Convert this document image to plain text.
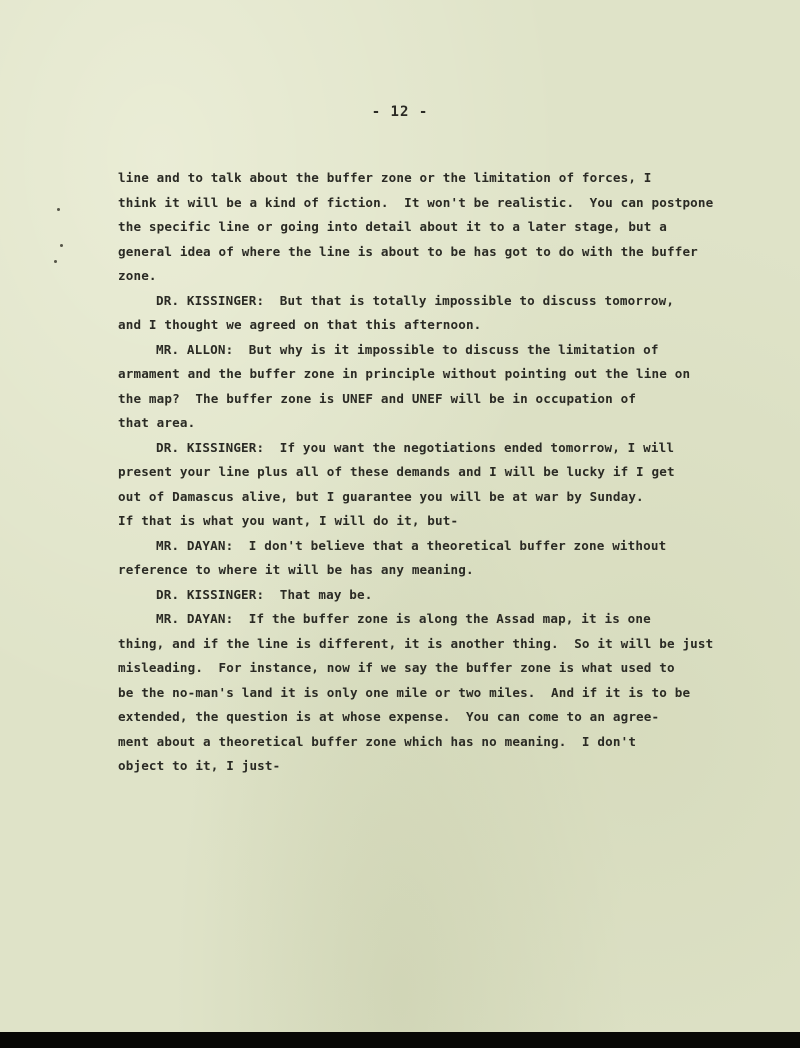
- 12 -
line and to talk about the buffer zone or the limitation of forces, I
think it will be a kind of fiction.  It won't be realistic.  You can postpone
the specific line or going into detail about it to a later stage, but a
general idea of where the line is about to be has got to do with the buffer
zone.
DR. KISSINGER:  But that is totally impossible to discuss tomorrow,
and I thought we agreed on that this afternoon.
MR. ALLON:  But why is it impossible to discuss the limitation of
armament and the buffer zone in principle without pointing out the line on
the map?  The buffer zone is UNEF and UNEF will be in occupation of
that area.
DR. KISSINGER:  If you want the negotiations ended tomorrow, I will
present your line plus all of these demands and I will be lucky if I get
out of Damascus alive, but I guarantee you will be at war by Sunday.
If that is what you want, I will do it, but-
MR. DAYAN:  I don't believe that a theoretical buffer zone without
reference to where it will be has any meaning.
DR. KISSINGER:  That may be.
MR. DAYAN:  If the buffer zone is along the Assad map, it is one
thing, and if the line is different, it is another thing.  So it will be just
misleading.  For instance, now if we say the buffer zone is what used to
be the no-man's land it is only one mile or two miles.  And if it is to be
extended, the question is at whose expense.  You can come to an agree-
ment about a theoretical buffer zone which has no meaning.  I don't
object to it, I just-
